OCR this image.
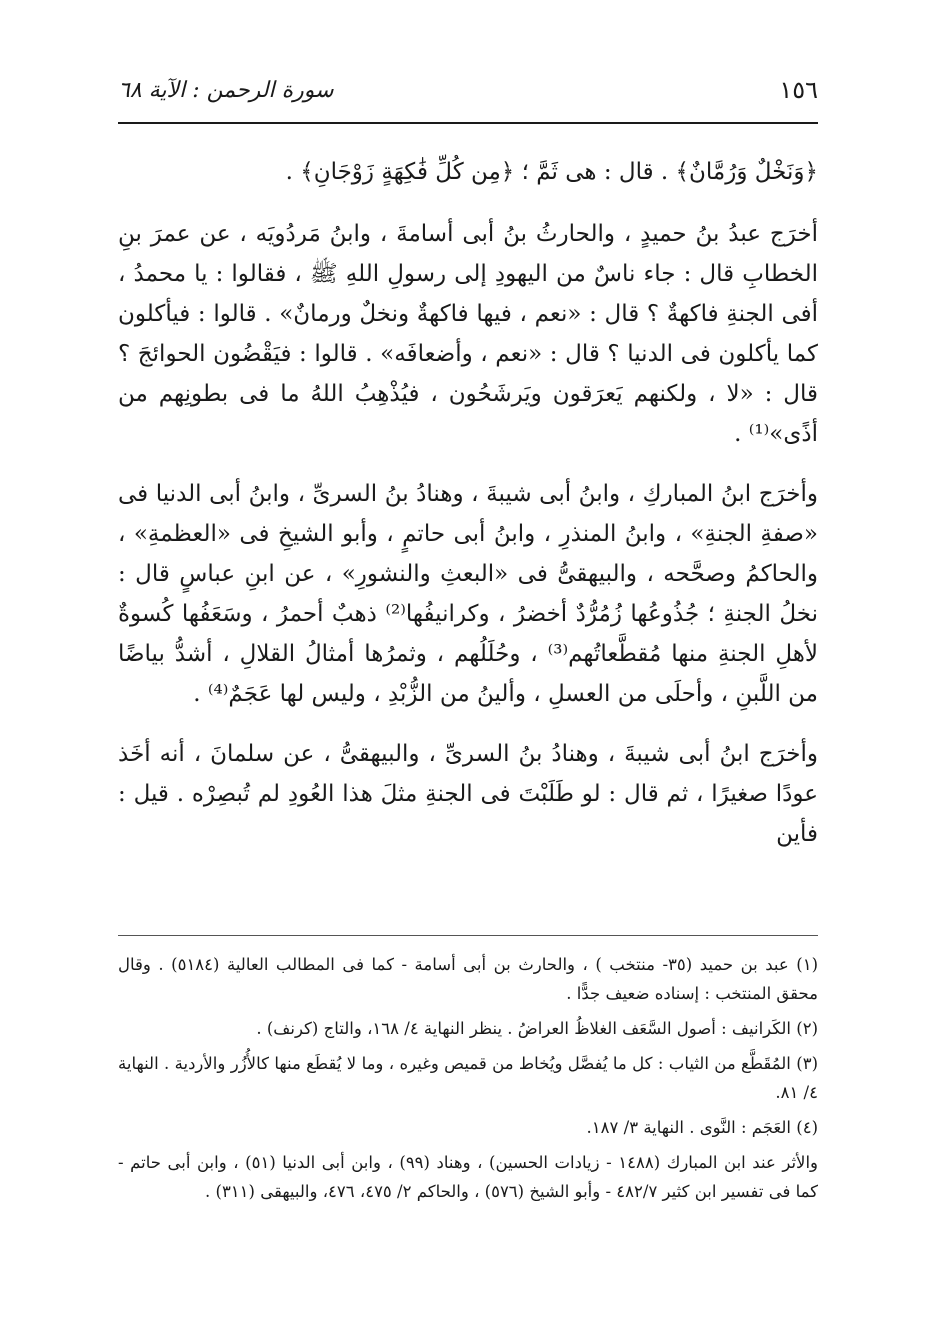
١٥٦
سورة الرحمن : الآية ٦٨

﴿وَنَخْلٌ وَرُمَّانٌ﴾ . قال : هى ثَمَّ ؛ ﴿مِن كُلِّ فَٰكِهَةٍ زَوْجَانِ﴾ .

أخرَج عبدُ بنُ حميدٍ ، والحارثُ بنُ أبى أسامةَ ، وابنُ مَردُويَه ، عن عمرَ بنِ الخطابِ قال : جاء ناسٌ من اليهودِ إلى رسولِ اللهِ ﷺ ، فقالوا : يا محمدُ ، أفى الجنةِ فاكهةٌ ؟ قال : «نعم ، فيها فاكهةٌ ونخلٌ ورمانٌ» . قالوا : فيأكلون كما يأكلون فى الدنيا ؟ قال : «نعم ، وأضعافَه» . قالوا : فيَقْضُون الحوائجَ ؟ قال : «لا ، ولكنهم يَعرَقون ويَرشَحُون ، فيُذْهِبُ اللهُ ما فى بطونِهم من أذًى»⁽¹⁾ .

وأخرَج ابنُ المباركِ ، وابنُ أبى شيبةَ ، وهنادُ بنُ السرىِّ ، وابنُ أبى الدنيا فى «صفةِ الجنةِ» ، وابنُ المنذرِ ، وابنُ أبى حاتمٍ ، وأبو الشيخِ فى «العظمةِ» ، والحاكمُ وصحَّحه ، والبيهقىُّ فى «البعثِ والنشورِ» ، عن ابنِ عباسٍ قال : نخلُ الجنةِ ؛ جُذُوعُها زُمُرُّدٌ أخضرُ ، وكرانيفُها⁽²⁾ ذهبٌ أحمرُ ، وسَعَفُها كُسوةٌ لأهلِ الجنةِ منها مُقطَّعاتُهم⁽³⁾ ، وحُلَلُهم ، وثمرُها أمثالُ القلالِ ، أشدُّ بياضًا من اللَّبنِ ، وأحلَى من العسلِ ، وألينُ من الزُّبْدِ ، وليس لها عَجَمٌ⁽⁴⁾ .

وأخرَج ابنُ أبى شيبةَ ، وهنادُ بنُ السرىِّ ، والبيهقىُّ ، عن سلمانَ ، أنه أخَذ عودًا صغيرًا ، ثم قال : لو طَلَبْتَ فى الجنةِ مثلَ هذا العُودِ لم تُبصِرْه . قيل : فأين

(١) عبد بن حميد (٣٥- منتخب ) ، والحارث بن أبى أسامة - كما فى المطالب العالية (٥١٨٤) . وقال محقق المنتخب : إسناده ضعيف جدًّا .

(٢) الكَرانيف : أصول السَّعَف الغلاظُ العراضُ . ينظر النهاية ٤/ ١٦٨، والتاج (كرنف) .

(٣) المُقَطَّع من الثياب : كل ما يُفصَّل ويُخاط من قميص وغيره ، وما لا يُقطَع منها كالأُزُر والأردية . النهاية ٤/ ٨١.

(٤) العَجَم : النَّوى . النهاية ٣/ ١٨٧.

والأثر عند ابن المبارك (١٤٨٨ - زيادات الحسين) ، وهناد (٩٩) ، وابن أبى الدنيا (٥١) ، وابن أبى حاتم - كما فى تفسير ابن كثير ٤٨٢/٧ - وأبو الشيخ (٥٧٦) ، والحاكم ٢/ ٤٧٥، ٤٧٦، والبيهقى (٣١١) .
